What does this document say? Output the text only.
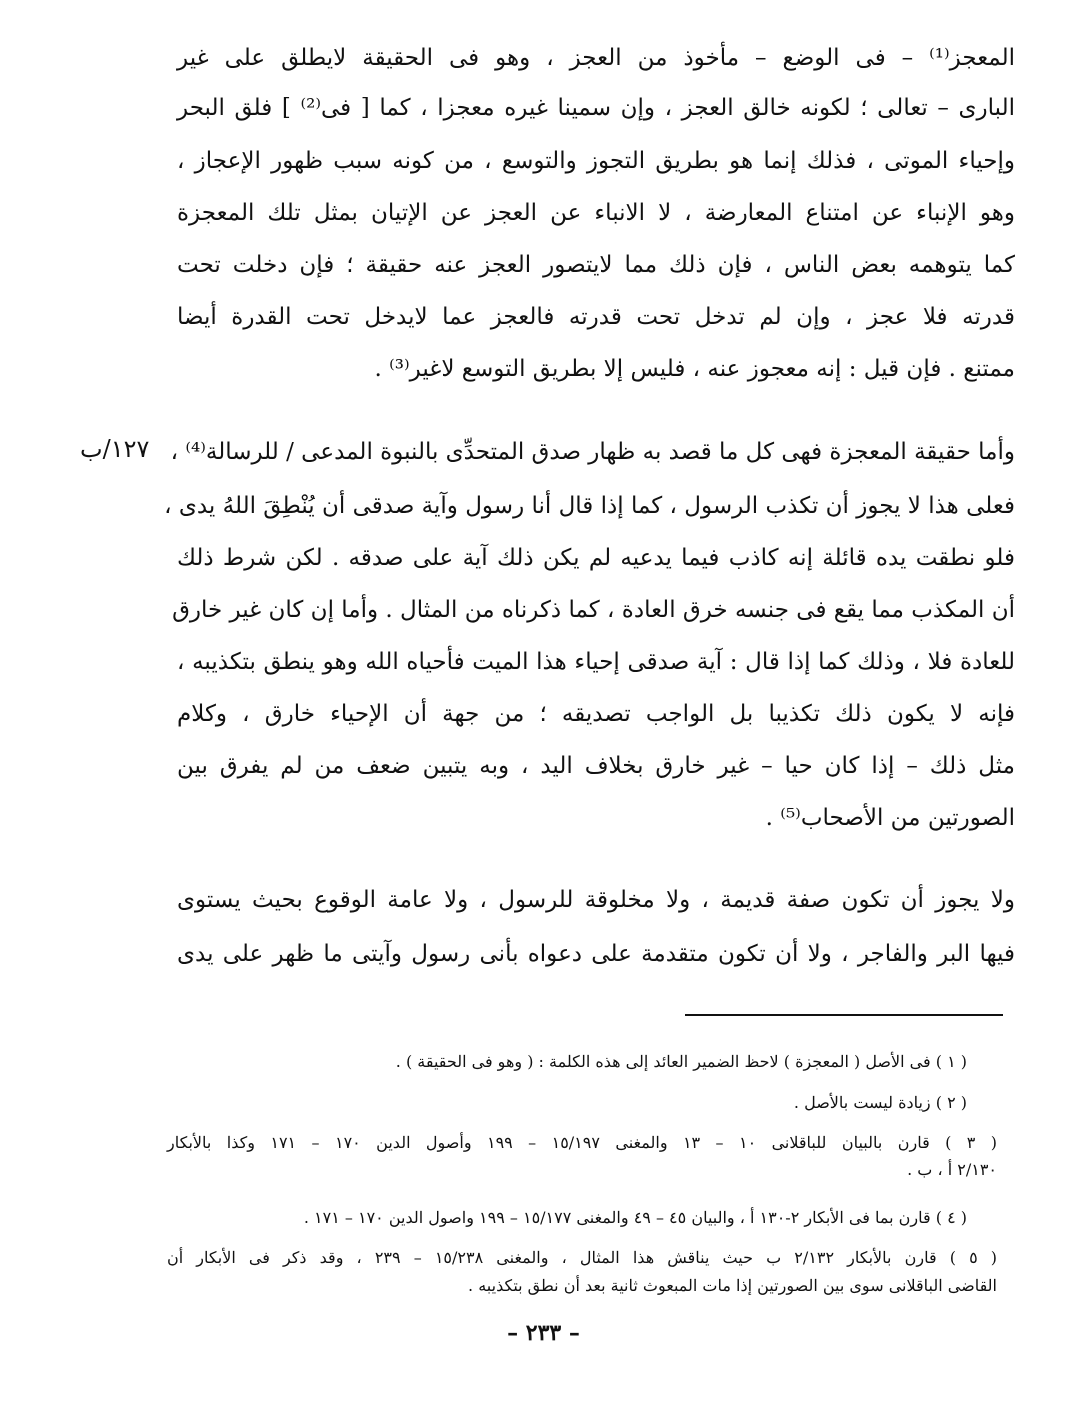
المعجز⁽¹⁾ – فى الوضع – مأخوذ من العجز ، وهو فى الحقيقة لايطلق على غير
البارى – تعالى ؛ لكونه خالق العجز ، وإن سمينا غيره معجزا ، كما [ فى⁽²⁾ ] فلق البحر
وإحياء الموتى ، فذلك إنما هو بطريق التجوز والتوسع ، من كونه سبب ظهور الإعجاز ،
وهو الإنباء عن امتناع المعارضة ، لا الانباء عن العجز عن الإتيان بمثل تلك المعجزة
كما يتوهمه بعض الناس ، فإن ذلك مما لايتصور العجز عنه حقيقة ؛ فإن دخلت تحت
قدرته فلا عجز ، وإن لم تدخل تحت قدرته فالعجز عما لايدخل تحت القدرة أيضا
ممتنع . فإن قيل : إنه معجوز عنه ، فليس إلا بطريق التوسع لاغير⁽³⁾ .
١٢٧/ب وأما حقيقة المعجزة فهى كل ما قصد به ظهار صدق المتحدِّى بالنبوة المدعى / للرسالة⁽⁴⁾ ،
فعلى هذا لا يجوز أن تكذب الرسول ، كما إذا قال أنا رسول وآية صدقى أن يُنْطِقَ اللهُ يدى ،
فلو نطقت يده قائلة إنه كاذب فيما يدعيه لم يكن ذلك آية على صدقه . لكن شرط ذلك
أن المكذب مما يقع فى جنسه خرق العادة ، كما ذكرناه من المثال . وأما إن كان غير خارق
للعادة فلا ، وذلك كما إذا قال : آية صدقى إحياء هذا الميت فأحياه الله وهو ينطق بتكذيبه ،
فإنه لا يكون ذلك تكذيبا بل الواجب تصديقه ؛ من جهة أن الإحياء خارق ، وكلام
مثل ذلك – إذا كان حيا – غير خارق بخلاف اليد ، وبه يتبين ضعف من لم يفرق بين
الصورتين من الأصحاب⁽⁵⁾ .
ولا يجوز أن تكون صفة قديمة ، ولا مخلوقة للرسول ، ولا عامة الوقوع بحيث يستوى
فيها البر والفاجر ، ولا أن تكون متقدمة على دعواه بأنى رسول وآيتى ما ظهر على يدى
( ١ ) فى الأصل ( المعجزة ) لاحظ الضمير العائد إلى هذه الكلمة : ( وهو فى الحقيقة ) .
( ٢ ) زيادة ليست بالأصل .
( ٣ ) قارن بالبيان للباقلانى ١٠ – ١٣ والمغنى ١٥/١٩٧ – ١٩٩ وأصول الدين ١٧٠ – ١٧١ وكذا بالأبكار
٢/١٣٠ أ ، ب .
( ٤ ) قارن بما فى الأبكار ٢-١٣٠ أ ، والبيان ٤٥ – ٤٩ والمغنى ١٥/١٧٧ – ١٩٩ واصول الدين ١٧٠ – ١٧١ .
( ٥ ) قارن بالأبكار ٢/١٣٢ ب حيث يناقش هذا المثال ، والمغنى ١٥/٢٣٨ – ٢٣٩ ، وقد ذكر فى الأبكار أن
القاضى الباقلانى سوى بين الصورتين إذا مات المبعوث ثانية بعد أن نطق بتكذيبه .
– ٢٣٣ –
